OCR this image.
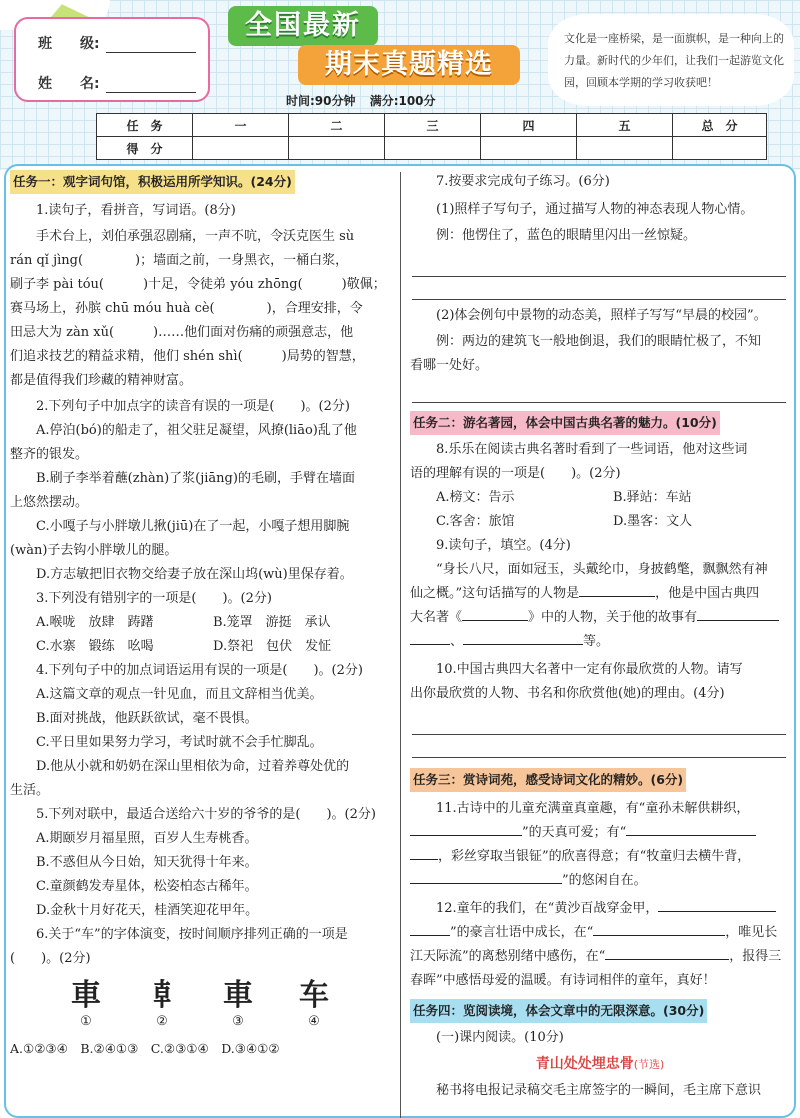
班　　级:
姓　　名:
全国最新
期末真题精选
时间:90分钟 满分:100分
文化是一座桥梁，是一面旗帜，是一种向上的力量。新时代的少年们，让我们一起游览文化园，回顾本学期的学习收获吧！
任　务	一	二	三	四	五	总　分
得　分						

任务一：观字词句馆，积极运用所学知识。(24分)

1.读句子，看拼音，写词语。(8分)

手术台上，刘伯承强忍剧痛，一声不吭，令沃克医生 sù

rán qǐ jìng(　　　　)；墙面之前，一身黑衣，一桶白浆，

刷子李 pài tóu(　　　)十足，令徒弟 yóu zhōng(　　　)敬佩；

赛马场上，孙膑 chū móu huà cè(　　　　)，合理安排，令

田忌大为 zàn xǔ(　　　)……他们面对伤痛的顽强意志，他

们追求技艺的精益求精，他们 shén shì(　　　)局势的智慧，

都是值得我们珍藏的精神财富。

2.下列句子中加点字的读音有误的一项是(　　)。(2分)

A.停泊(bó)的船走了，祖父驻足凝望，风撩(liāo)乱了他

整齐的银发。

B.刷子李举着蘸(zhàn)了浆(jiāng)的毛刷，手臂在墙面

上悠然摆动。

C.小嘎子与小胖墩儿揪(jiū)在了一起，小嘎子想用脚腕

(wàn)子去钩小胖墩儿的腿。

D.方志敏把旧衣物交给妻子放在深山坞(wù)里保存着。

3.下列没有错别字的一项是(　　)。(2分)

A.喉咙　放肆　踌躇	B.笼罩　游挺　承认
C.水寨　锻练　吆喝	D.祭祀　包伏　发怔

4.下列句子中的加点词语运用有误的一项是(　　)。(2分)

A.这篇文章的观点一针见血，而且文辞相当优美。

B.面对挑战，他跃跃欲试，毫不畏惧。

C.平日里如果努力学习，考试时就不会手忙脚乱。

D.他从小就和奶奶在深山里相依为命，过着养尊处优的

生活。

5.下列对联中，最适合送给六十岁的爷爷的是(　　)。(2分)

A.期颐岁月福星照，百岁人生寿桃香。

B.不惑但从今日始，知天犹得十年来。

C.童颜鹤发寿星体，松姿柏态古稀年。

D.金秋十月好花天，桂酒笑迎花甲年。

6.关于“车”的字体演变，按时间顺序排列正确的一项是

(　　)。(2分)

車
①
𠦝
②
車
③
车
④

A.①②③④　B.②④①③　C.②③①④　D.③④①②

7.按要求完成句子练习。(6分)

(1)照样子写句子，通过描写人物的神态表现人物心情。

例：他愣住了，蓝色的眼睛里闪出一丝惊疑。

(2)体会例句中景物的动态美，照样子写写“早晨的校园”。

例：两边的建筑飞一般地倒退，我们的眼睛忙极了，不知

看哪一处好。

任务二：游名著园，体会中国古典名著的魅力。(10分)

8.乐乐在阅读古典名著时看到了一些词语，他对这些词

语的理解有误的一项是(　　)。(2分)

A.榜文：告示	B.驿站：车站
C.客舍：旅馆	D.墨客：文人

9.读句子，填空。(4分)

“身长八尺，面如冠玉，头戴纶巾，身披鹤氅，飘飘然有神

仙之概。”这句话描写的人物是	，他是中国古典四

大名著《	》中的人物，关于他的故事有

、	等。

10.中国古典四大名著中一定有你最欣赏的人物。请写

出你最欣赏的人物、书名和你欣赏他(她)的理由。(4分)

任务三：赏诗词苑，感受诗词文化的精妙。(6分)

11.古诗中的儿童充满童真童趣，有“童孙未解供耕织，

”的天真可爱；有“

，彩丝穿取当银钲”的欣喜得意；有“牧童归去横牛背，

”的悠闲自在。

12.童年的我们，在“黄沙百战穿金甲，

”的豪言壮语中成长，在“	，唯见长

江天际流”的离愁别绪中感伤，在“	，报得三

春晖”中感悟母爱的温暖。有诗词相伴的童年，真好！

任务四：览阅读境，体会文章中的无限深意。(30分)

(一)课内阅读。(10分)

青山处处埋忠骨(节选)

秘书将电报记录稿交毛主席签字的一瞬间，毛主席下意识
